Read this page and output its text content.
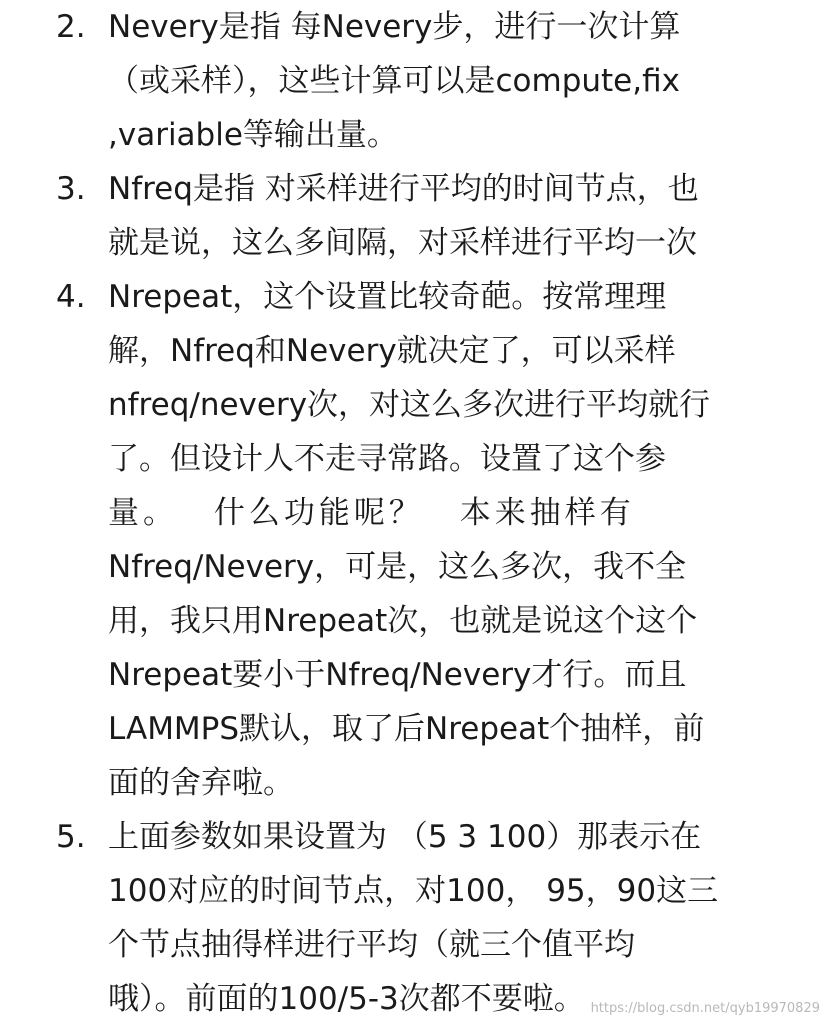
2. Nevery是指 每Nevery步，进行一次计算
（或采样），这些计算可以是compute,fix
,variable等输出量。
3. Nfreq是指 对采样进行平均的时间节点，也
就是说，这么多间隔，对采样进行平均一次
4. Nrepeat，这个设置比较奇葩。按常理理
解，Nfreq和Nevery就决定了，可以采样
nfreq/nevery次，对这么多次进行平均就行
了。但设计人不走寻常路。设置了这个参
量。 什么功能呢？ 本来抽样有
Nfreq/Nevery，可是，这么多次，我不全
用，我只用Nrepeat次，也就是说这个这个
Nrepeat要小于Nfreq/Nevery才行。而且
LAMMPS默认，取了后Nrepeat个抽样，前
面的舍弃啦。
5. 上面参数如果设置为 （5 3 100）那表示在
100对应的时间节点，对100， 95，90这三
个节点抽得样进行平均（就三个值平均
哦）。前面的100/5-3次都不要啦。 https://blog.csdn.net/qyb19970829
